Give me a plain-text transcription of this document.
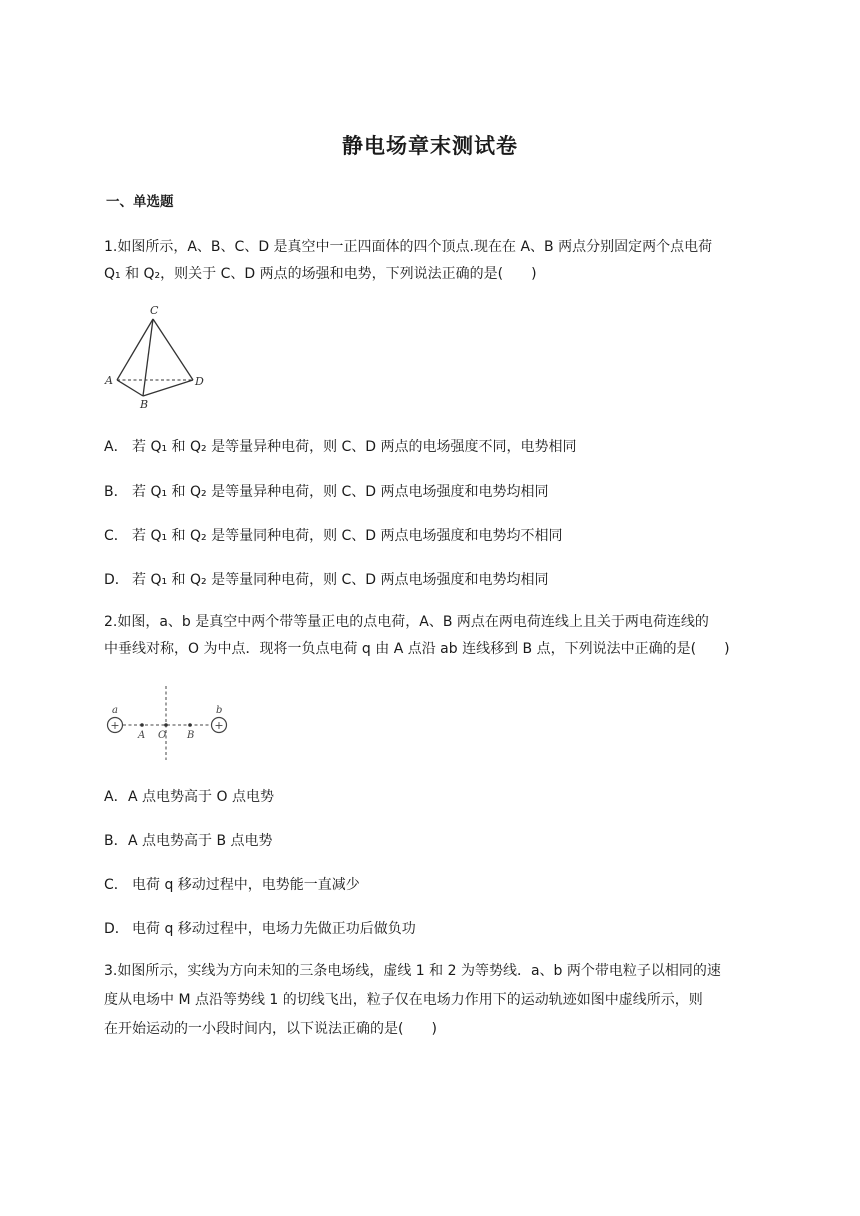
静电场章末测试卷
一、单选题
1.如图所示，A、B、C、D 是真空中一正四面体的四个顶点.现在在 A、B 两点分别固定两个点电荷
Q₁ 和 Q₂，则关于 C、D 两点的场强和电势，下列说法正确的是(　　)
C
A
B
D
A． 若 Q₁ 和 Q₂ 是等量异种电荷，则 C、D 两点的电场强度不同，电势相同
B． 若 Q₁ 和 Q₂ 是等量异种电荷，则 C、D 两点电场强度和电势均相同
C． 若 Q₁ 和 Q₂ 是等量同种电荷，则 C、D 两点电场强度和电势均不相同
D． 若 Q₁ 和 Q₂ 是等量同种电荷，则 C、D 两点电场强度和电势均相同
2.如图，a、b 是真空中两个带等量正电的点电荷，A、B 两点在两电荷连线上且关于两电荷连线的
中垂线对称，O 为中点．现将一负点电荷 q 由 A 点沿 ab 连线移到 B 点，下列说法中正确的是(　　)
+	+
a	b
A O B
A．A 点电势高于 O 点电势
B．A 点电势高于 B 点电势
C． 电荷 q 移动过程中，电势能一直减少
D． 电荷 q 移动过程中，电场力先做正功后做负功
3.如图所示，实线为方向未知的三条电场线，虚线 1 和 2 为等势线．a、b 两个带电粒子以相同的速
度从电场中 M 点沿等势线 1 的切线飞出，粒子仅在电场力作用下的运动轨迹如图中虚线所示，则
在开始运动的一小段时间内，以下说法正确的是(　　)
